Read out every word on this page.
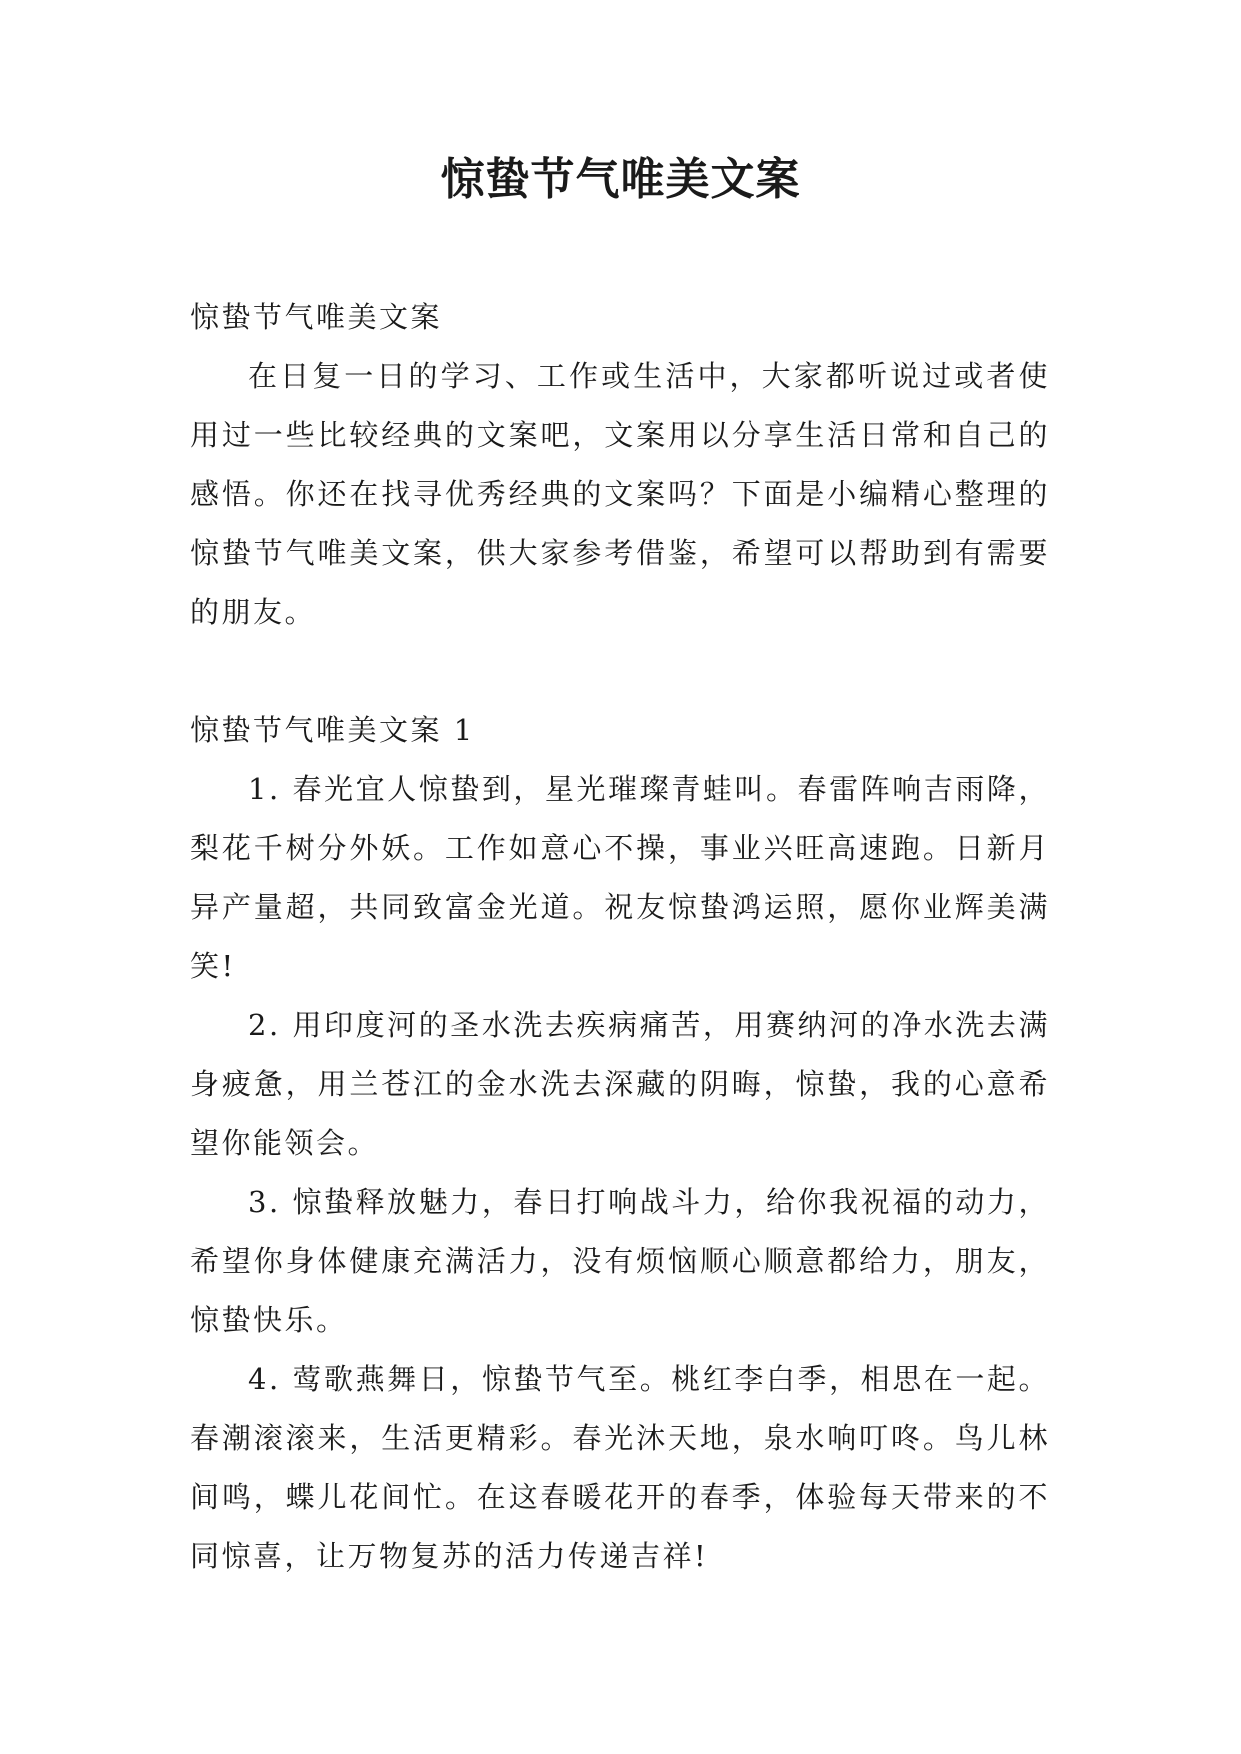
惊蛰节气唯美文案

惊蛰节气唯美文案

在日复一日的学习、工作或生活中，大家都听说过或者使用过一些比较经典的文案吧，文案用以分享生活日常和自己的感悟。你还在找寻优秀经典的文案吗？下面是小编精心整理的惊蛰节气唯美文案，供大家参考借鉴，希望可以帮助到有需要的朋友。

惊蛰节气唯美文案 1

1. 春光宜人惊蛰到，星光璀璨青蛙叫。春雷阵响吉雨降，梨花千树分外妖。工作如意心不操，事业兴旺高速跑。日新月异产量超，共同致富金光道。祝友惊蛰鸿运照，愿你业辉美满笑!

2. 用印度河的圣水洗去疾病痛苦，用赛纳河的净水洗去满身疲惫，用兰苍江的金水洗去深藏的阴晦，惊蛰，我的心意希望你能领会。

3. 惊蛰释放魅力，春日打响战斗力，给你我祝福的动力，希望你身体健康充满活力，没有烦恼顺心顺意都给力，朋友，惊蛰快乐。

4. 莺歌燕舞日，惊蛰节气至。桃红李白季，相思在一起。春潮滚滚来，生活更精彩。春光沐天地，泉水响叮咚。鸟儿林间鸣，蝶儿花间忙。在这春暖花开的春季，体验每天带来的不同惊喜，让万物复苏的活力传递吉祥!
